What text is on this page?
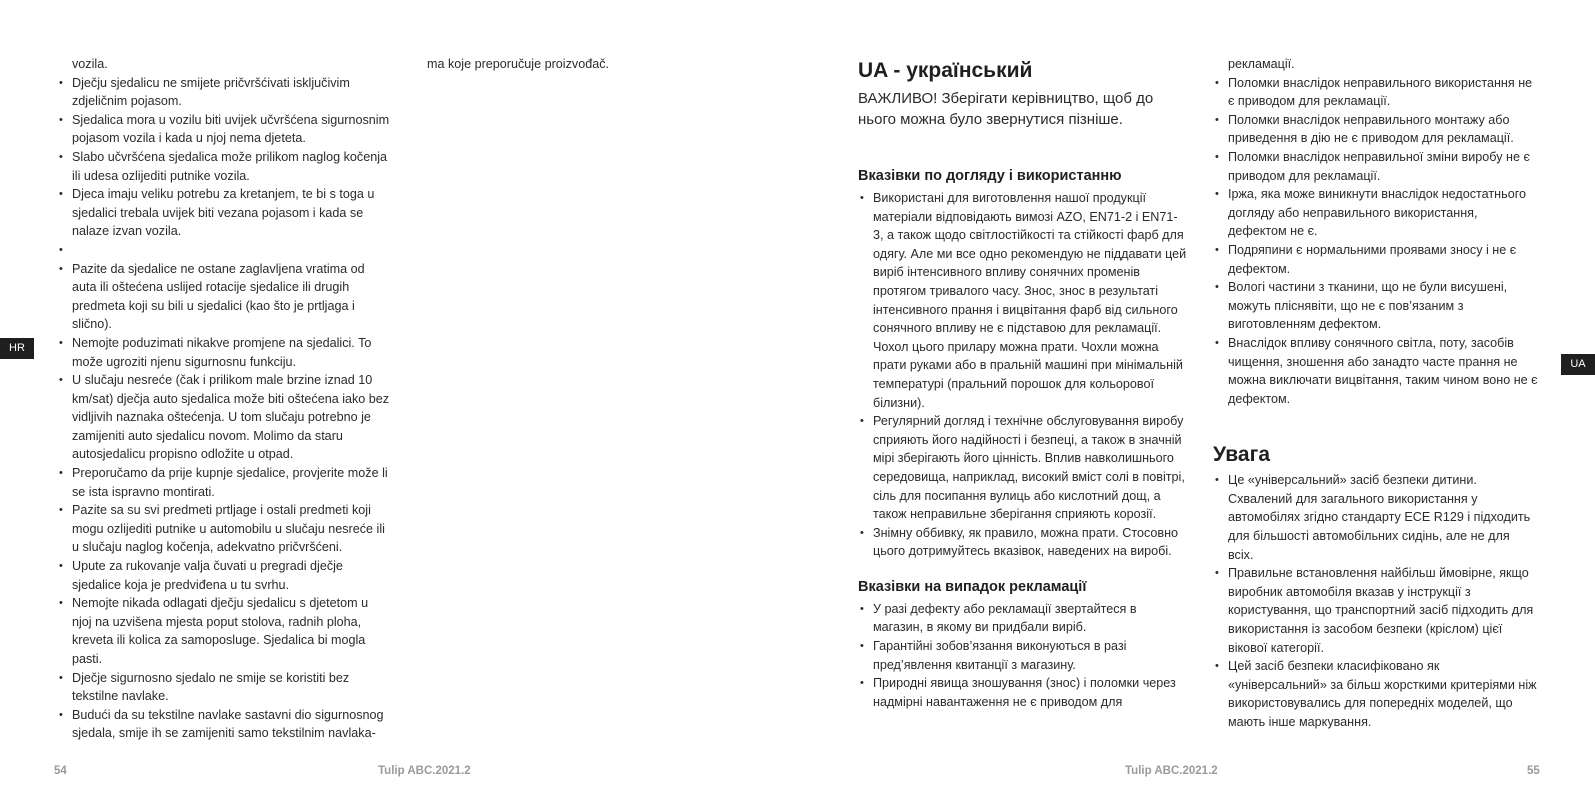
vozila.

• Dječju sjedalicu ne smijete pričvršćivati isključivim zdjeličnim pojasom.
• Sjedalica mora u vozilu biti uvijek učvršćena sigurnosnim pojasom vozila i kada u njoj nema djeteta.
• Slabo učvršćena sjedalica može prilikom naglog kočenja ili udesa ozlijediti putnike vozila.
• Djeca imaju veliku potrebu za kretanjem, te bi s toga u sjedalici trebala uvijek biti vezana pojasom i kada se nalaze izvan vozila.
•
• Pazite da sjedalice ne ostane zaglavljena vratima od auta ili oštećena uslijed rotacije sjedalice ili drugih predmeta koji su bili u sjedalici (kao što je prtljaga i slično).
• Nemojte poduzimati nikakve promjene na sjedalici. To može ugroziti njenu sigurnosnu funkciju.
• U slučaju nesreće (čak i prilikom male brzine iznad 10 km/sat) dječja auto sjedalica može biti oštećena iako bez vidljivih naznaka oštećenja. U tom slučaju potrebno je zamijeniti auto sjedalicu novom. Molimo da staru autosjedalicu propisno odložite u otpad.
• Preporučamo da prije kupnje sjedalice, provjerite može li se ista ispravno montirati.
• Pazite sa su svi predmeti prtljage i ostali predmeti koji mogu ozlijediti putnike u automobilu u slučaju nesreće ili u slučaju naglog kočenja, adekvatno pričvršćeni.
• Upute za rukovanje valja čuvati u pregradi dječje sjedalice koja je predviđena u tu svrhu.
• Nemojte nikada odlagati dječju sjedalicu s djetetom u njoj na uzvišena mjesta poput stolova, radnih ploha, kreveta ili kolica za samoposluge. Sjedalica bi mogla pasti.
• Dječje sigurnosno sjedalo ne smije se koristiti bez tekstilne navlake.
• Budući da su tekstilne navlake sastavni dio sigurnosnog sjedala, smije ih se zamijeniti samo tekstilnim navlaka-

ma koje preporučuje proizvođač.

HR

54	Tulip ABC.2021.2

UA - український

ВАЖЛИВО! Зберігати керівництво, щоб до нього можна було звернутися пізніше.

Вказівки по догляду і використанню
• Використані для виготовлення нашої продукції матеріали відповідають вимозі AZO, EN71-2 і EN71-3, а також щодо світлостійкості та стійкості фарб для одягу. Але ми все одно рекомендую не піддавати цей виріб інтенсивного впливу сонячних променів протягом тривалого часу. Знос, знос в результаті інтенсивного прання і вицвітання фарб від сильного сонячного впливу не є підставою для рекламації. Чохол цього прилару можна прати. Чохли можна прати руками або в пральній машині при мінімальній температурі (пральний порошок для кольорової білизни).
• Регулярний догляд і технічне обслуговування виробу сприяють його надійності і безпеці, а також в значній мірі зберігають його цінність. Вплив навколишнього середовища, наприклад, високий вміст солі в повітрі, сіль для посипання вулиць або кислотний дощ, а також неправильне зберігання сприяють корозії.
• Знімну оббивку, як правило, можна прати. Стосовно цього дотримуйтесь вказівок, наведених на виробі.
Вказівки на випадок рекламації
• У разі дефекту або рекламації звертайтеся в магазин, в якому ви придбали виріб.
• Гарантійні зобов’язання виконуються в разі пред’явлення квитанції з магазину.
• Природні явища зношування (знос) і поломки через надмірні навантаження не є приводом для

рекламації.

• Поломки внаслідок неправильного використання не є приводом для рекламації.
• Поломки внаслідок неправильного монтажу або приведення в дію не є приводом для рекламації.
• Поломки внаслідок неправильної зміни виробу не є приводом для рекламації.
• Іржа, яка може виникнути внаслідок недостатнього догляду або неправильного використання, дефектом не є.
• Подряпини є нормальними проявами зносу і не є дефектом.
• Вологі частини з тканини, що не були висушені, можуть пліснявіти, що не є пов’язаним з виготовленням дефектом.
• Внаслідок впливу сонячного світла, поту, засобів чищення, зношення або занадто часте прання не можна виключати вицвітання, таким чином воно не є дефектом.
Увага
• Це «універсальний» засіб безпеки дитини. Схвалений для загального використання у автомобілях згідно стандарту ECE R129 і підходить для більшості автомобільних сидінь, але не для всіх.
• Правильне встановлення найбільш ймовірне, якщо виробник автомобіля вказав у інструкції з користування, що транспортний засіб підходить для використання із засобом безпеки (кріслом) цієї вікової категорії.
• Цей засіб безпеки класифіковано як «універсальний» за більш жорсткими критеріями ніж використовувались для попередніх моделей, що мають інше маркування.
UA

Tulip ABC.2021.2	55
